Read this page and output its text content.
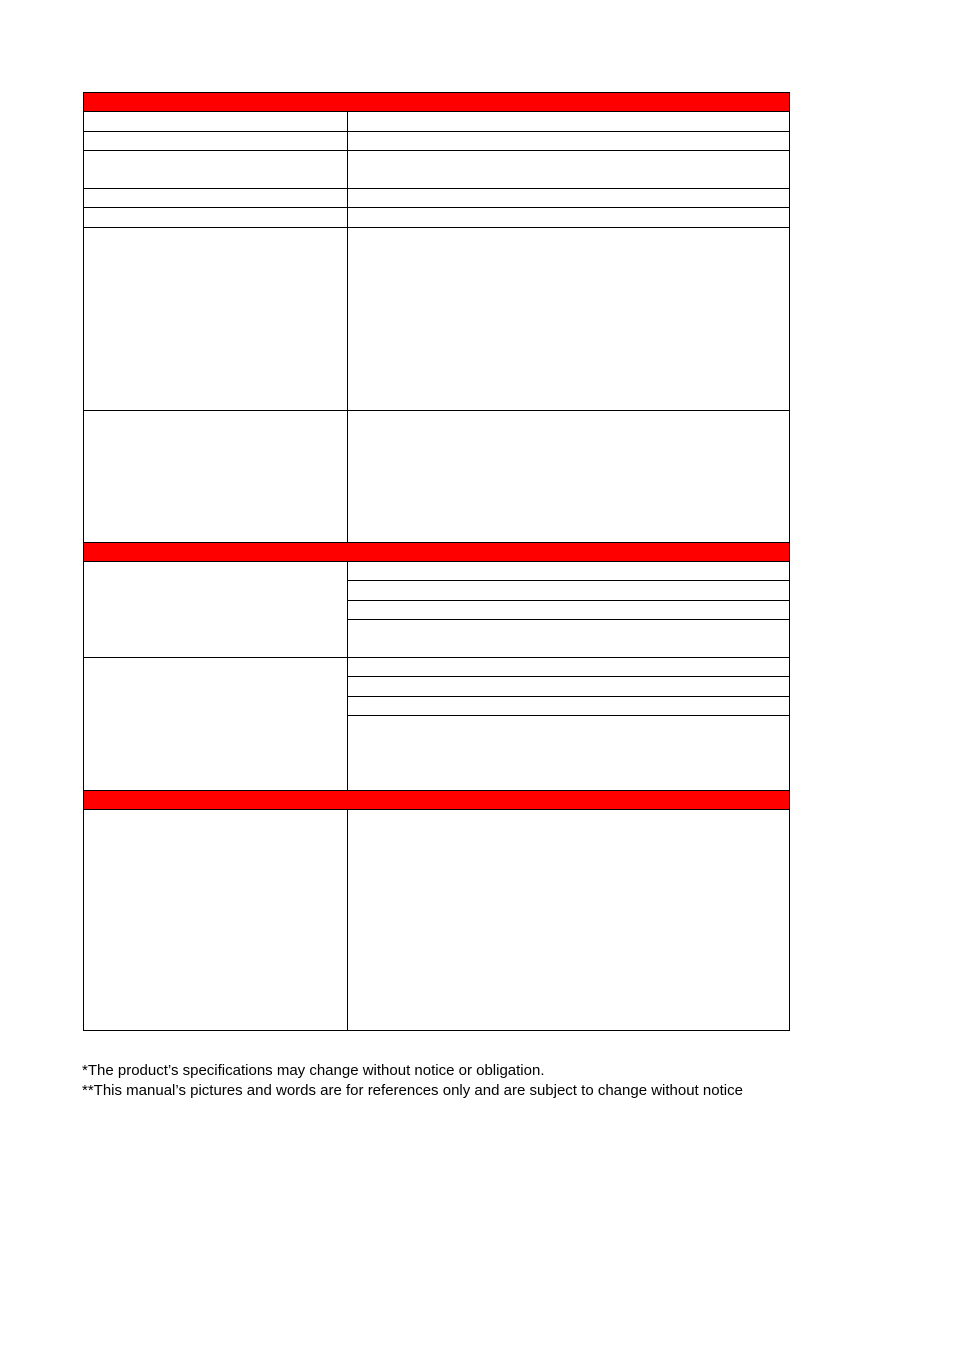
*The product’s specifications may change without notice or obligation.
**This manual’s pictures and words are for references only and are subject to change without notice
